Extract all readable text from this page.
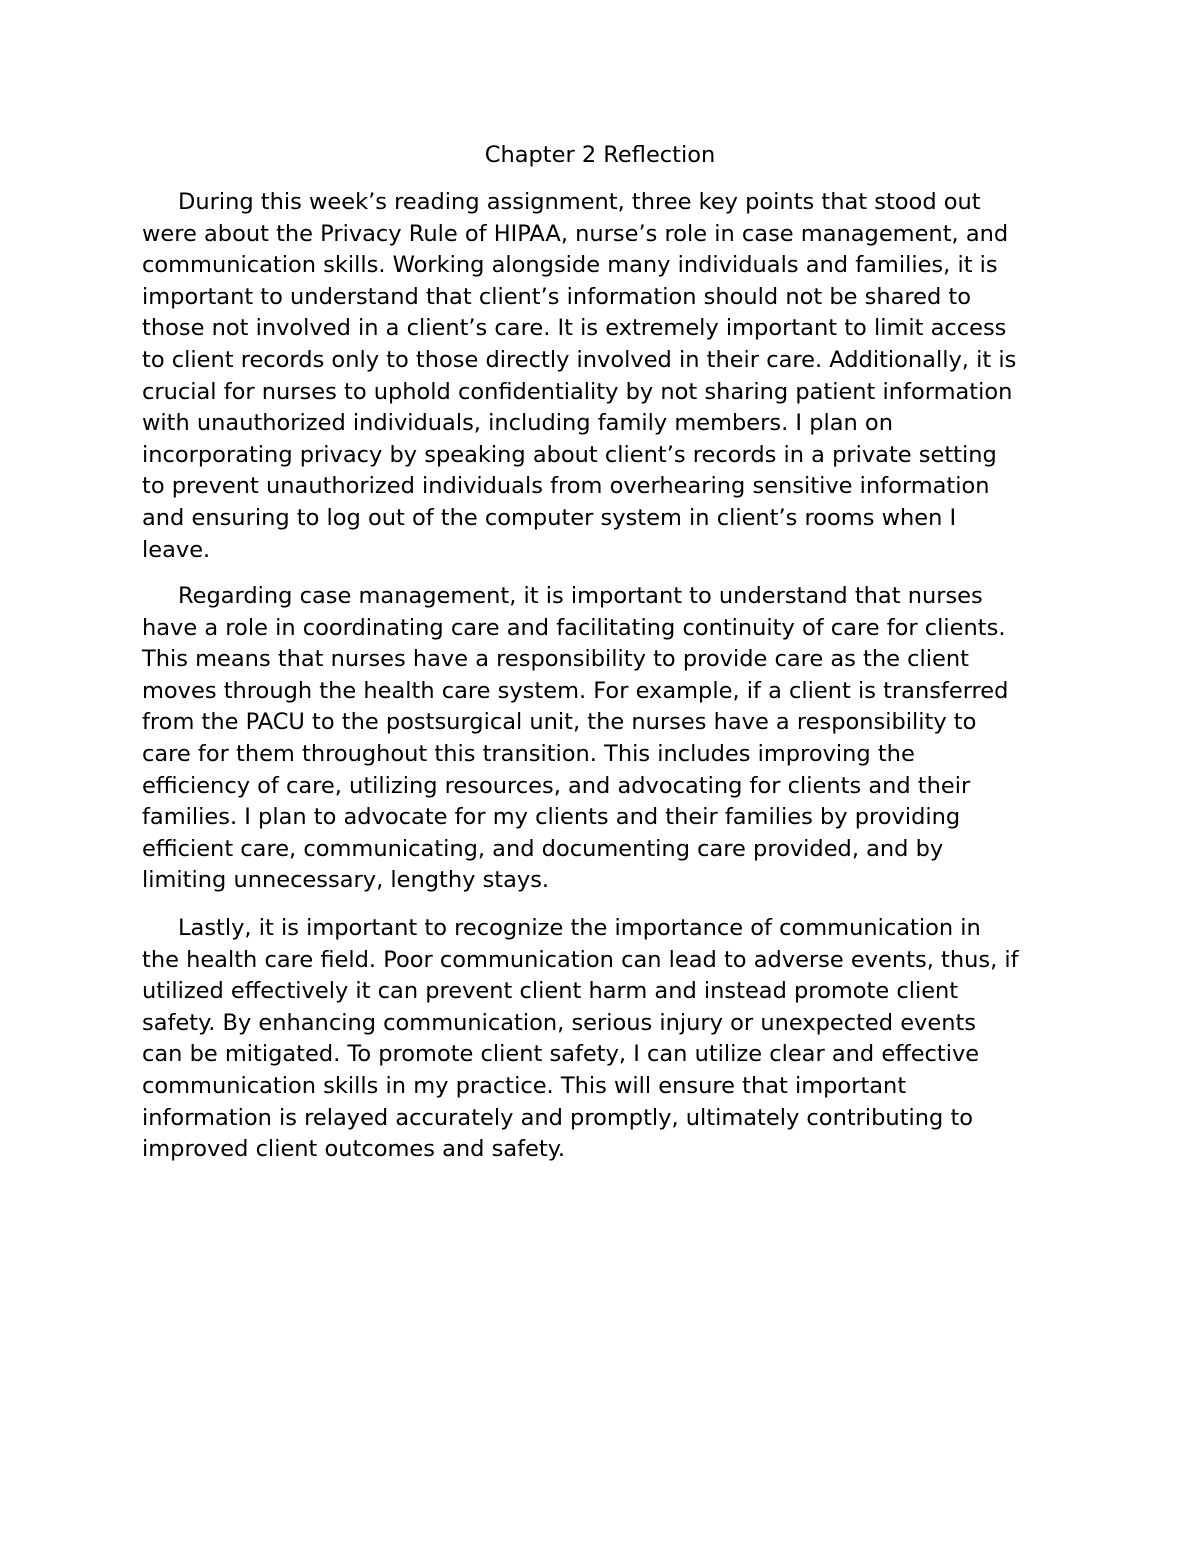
Chapter 2 Reflection
During this week’s reading assignment, three key points that stood out
were about the Privacy Rule of HIPAA, nurse’s role in case management, and
communication skills. Working alongside many individuals and families, it is
important to understand that client’s information should not be shared to
those not involved in a client’s care. It is extremely important to limit access
to client records only to those directly involved in their care. Additionally, it is
crucial for nurses to uphold confidentiality by not sharing patient information
with unauthorized individuals, including family members. I plan on
incorporating privacy by speaking about client’s records in a private setting
to prevent unauthorized individuals from overhearing sensitive information
and ensuring to log out of the computer system in client’s rooms when I
leave.
Regarding case management, it is important to understand that nurses
have a role in coordinating care and facilitating continuity of care for clients.
This means that nurses have a responsibility to provide care as the client
moves through the health care system. For example, if a client is transferred
from the PACU to the postsurgical unit, the nurses have a responsibility to
care for them throughout this transition. This includes improving the
efficiency of care, utilizing resources, and advocating for clients and their
families. I plan to advocate for my clients and their families by providing
efficient care, communicating, and documenting care provided, and by
limiting unnecessary, lengthy stays.
Lastly, it is important to recognize the importance of communication in
the health care field. Poor communication can lead to adverse events, thus, if
utilized effectively it can prevent client harm and instead promote client
safety. By enhancing communication, serious injury or unexpected events
can be mitigated. To promote client safety, I can utilize clear and effective
communication skills in my practice. This will ensure that important
information is relayed accurately and promptly, ultimately contributing to
improved client outcomes and safety.
